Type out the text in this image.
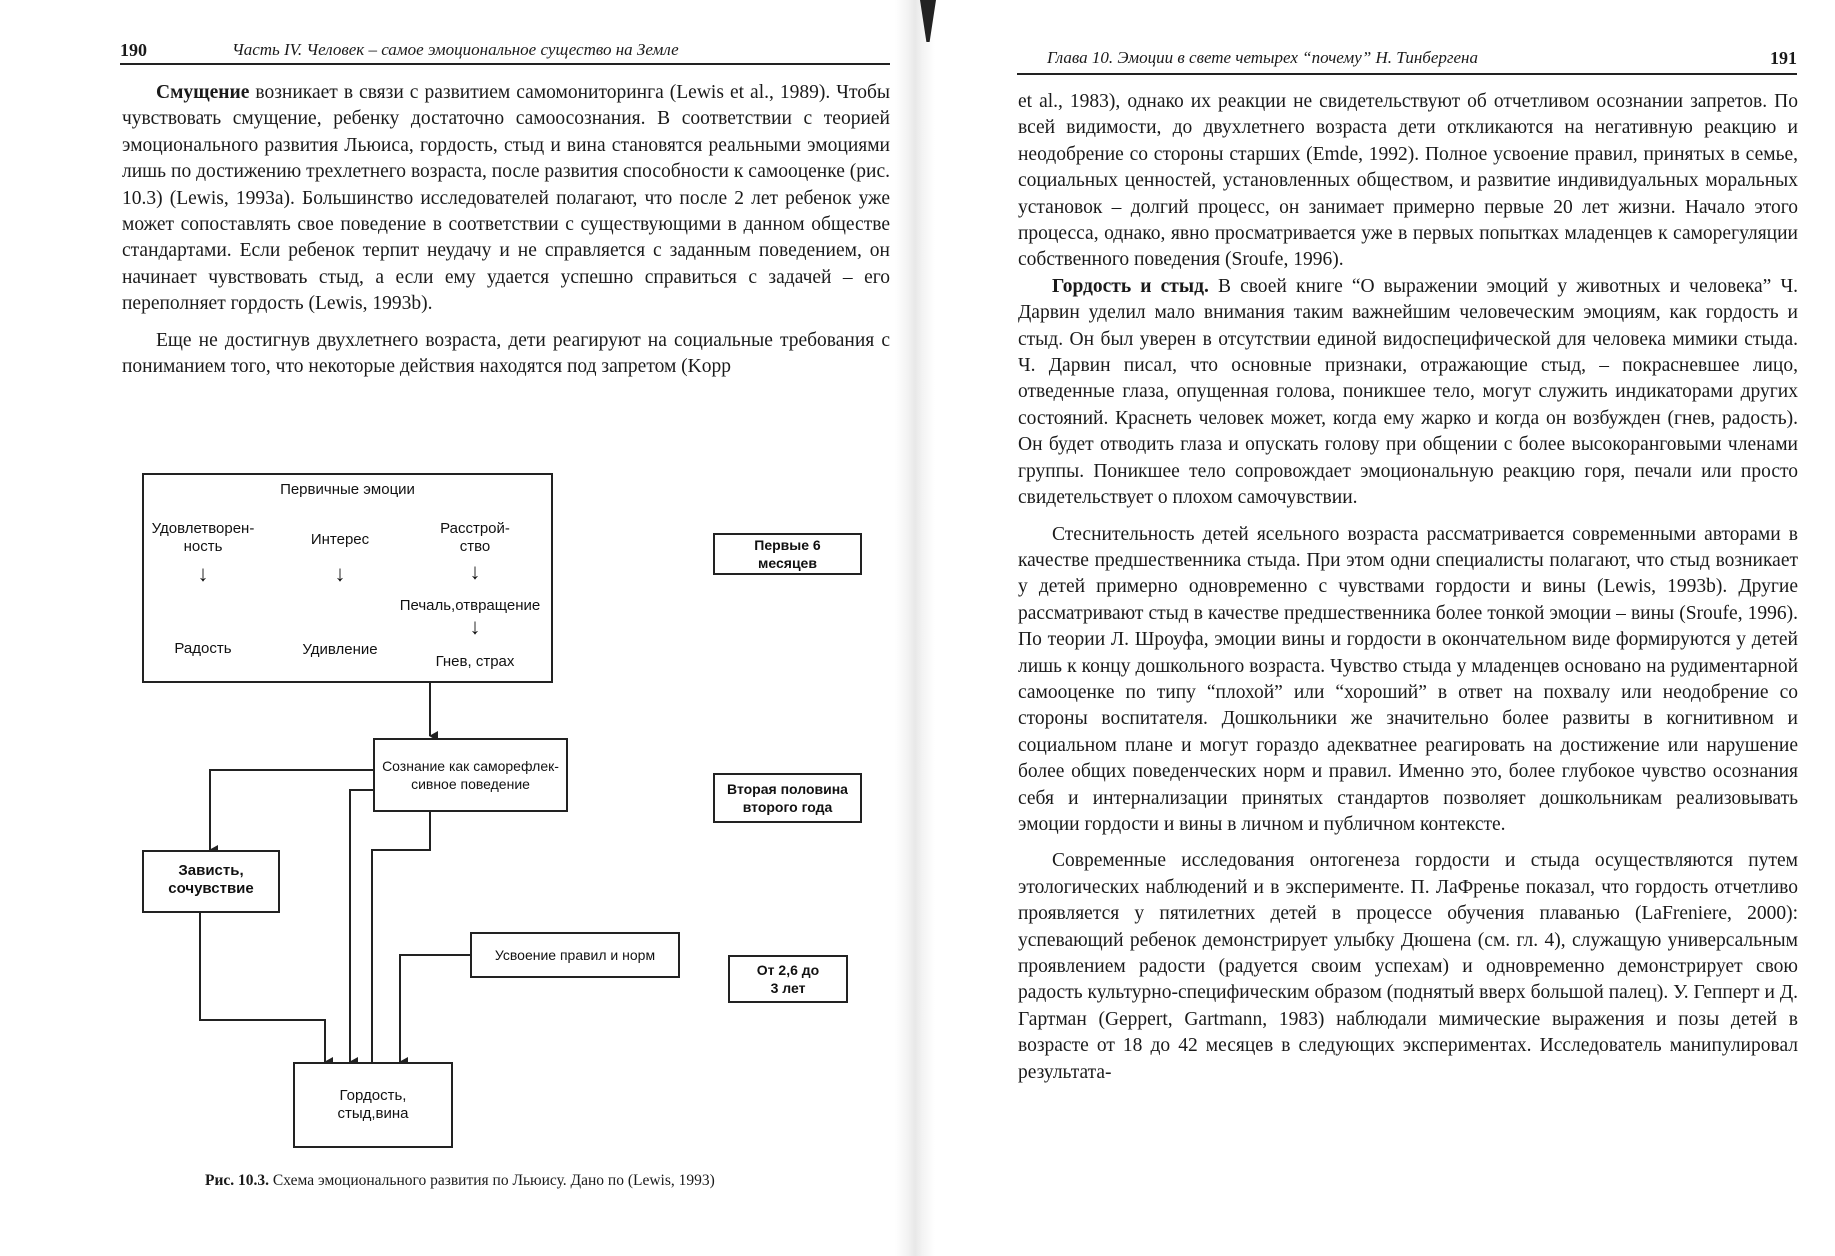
190	Часть IV. Человек – самое эмоциональное существо на Земле

Смущение возникает в связи с развитием самомониторинга (Lewis et al., 1989). Чтобы чувствовать смущение, ребенку достаточно самоосознания. В соответствии с теорией эмоционального развития Льюиса, гордость, стыд и вина становятся реальными эмоциями лишь по достижению трехлетнего возраста, после развития способности к самооценке (рис. 10.3) (Lewis, 1993a). Большинство исследователей полагают, что после 2 лет ребенок уже может сопоставлять свое поведение в соответствии с существующими в данном обществе стандартами. Если ребенок терпит неудачу и не справляется с заданным поведением, он начинает чувствовать стыд, а если ему удается успешно справиться с задачей – его переполняет гордость (Lewis, 1993b).

Еще не достигнув двухлетнего возраста, дети реагируют на социальные требования с пониманием того, что некоторые действия находятся под запретом (Kopp

Первичные эмоции
Удовлетворен-
ность
↓
Радость
Интерес
↓
Удивление
Расстрой-
ство
↓
Печаль,отвращение
↓
Гнев, страх
Сознание как саморефлек-
сивное поведение
Зависть,
сочувствие
Усвоение правил и норм
Гордость,
стыд,вина
Первые 6
месяцев
Вторая половина
второго года
От 2,6 до
3 лет
Рис. 10.3. Схема эмоционального развития по Льюису. Дано по (Lewis, 1993)
Глава 10. Эмоции в свете четырех “почему” Н. Тинбергена	191

et al., 1983), однако их реакции не свидетельствуют об отчетливом осознании запретов. По всей видимости, до двухлетнего возраста дети откликаются на негативную реакцию и неодобрение со стороны старших (Emde, 1992). Полное усвоение правил, принятых в семье, социальных ценностей, установленных обществом, и развитие индивидуальных моральных установок – долгий процесс, он занимает примерно первые 20 лет жизни. Начало этого процесса, однако, явно просматривается уже в первых попытках младенцев к саморегуляции собственного поведения (Sroufe, 1996).

Гордость и стыд. В своей книге “О выражении эмоций у животных и человека” Ч. Дарвин уделил мало внимания таким важнейшим человеческим эмоциям, как гордость и стыд. Он был уверен в отсутствии единой видоспецифической для человека мимики стыда. Ч. Дарвин писал, что основные признаки, отражающие стыд, – покрасневшее лицо, отведенные глаза, опущенная голова, поникшее тело, могут служить индикаторами других состояний. Краснеть человек может, когда ему жарко и когда он возбужден (гнев, радость). Он будет отводить глаза и опускать голову при общении с более высокоранговыми членами группы. Поникшее тело сопровождает эмоциональную реакцию горя, печали или просто свидетельствует о плохом самочувствии.

Стеснительность детей ясельного возраста рассматривается современными авторами в качестве предшественника стыда. При этом одни специалисты полагают, что стыд возникает у детей примерно одновременно с чувствами гордости и вины (Lewis, 1993b). Другие рассматривают стыд в качестве предшественника более тонкой эмоции – вины (Sroufe, 1996). По теории Л. Шроуфа, эмоции вины и гордости в окончательном виде формируются у детей лишь к концу дошкольного возраста. Чувство стыда у младенцев основано на рудиментарной самооценке по типу “плохой” или “хороший” в ответ на похвалу или неодобрение со стороны воспитателя. Дошкольники же значительно более развиты в когнитивном и социальном плане и могут гораздо адекватнее реагировать на достижение или нарушение более общих поведенческих норм и правил. Именно это, более глубокое чувство осознания себя и интернализации принятых стандартов позволяет дошкольникам реализовывать эмоции гордости и вины в личном и публичном контексте.

Современные исследования онтогенеза гордости и стыда осуществляются путем этологических наблюдений и в эксперименте. П. ЛаФренье показал, что гордость отчетливо проявляется у пятилетних детей в процессе обучения плаванью (LaFreniere, 2000): успевающий ребенок демонстрирует улыбку Дюшена (см. гл. 4), служащую универсальным проявлением радости (радуется своим успехам) и одновременно демонстрирует свою радость культурно-специфическим образом (поднятый вверх большой палец). У. Гепперт и Д. Гартман (Geppert, Gartmann, 1983) наблюдали мимические выражения и позы детей в возрасте от 18 до 42 месяцев в следующих экспериментах. Исследователь манипулировал результата-
